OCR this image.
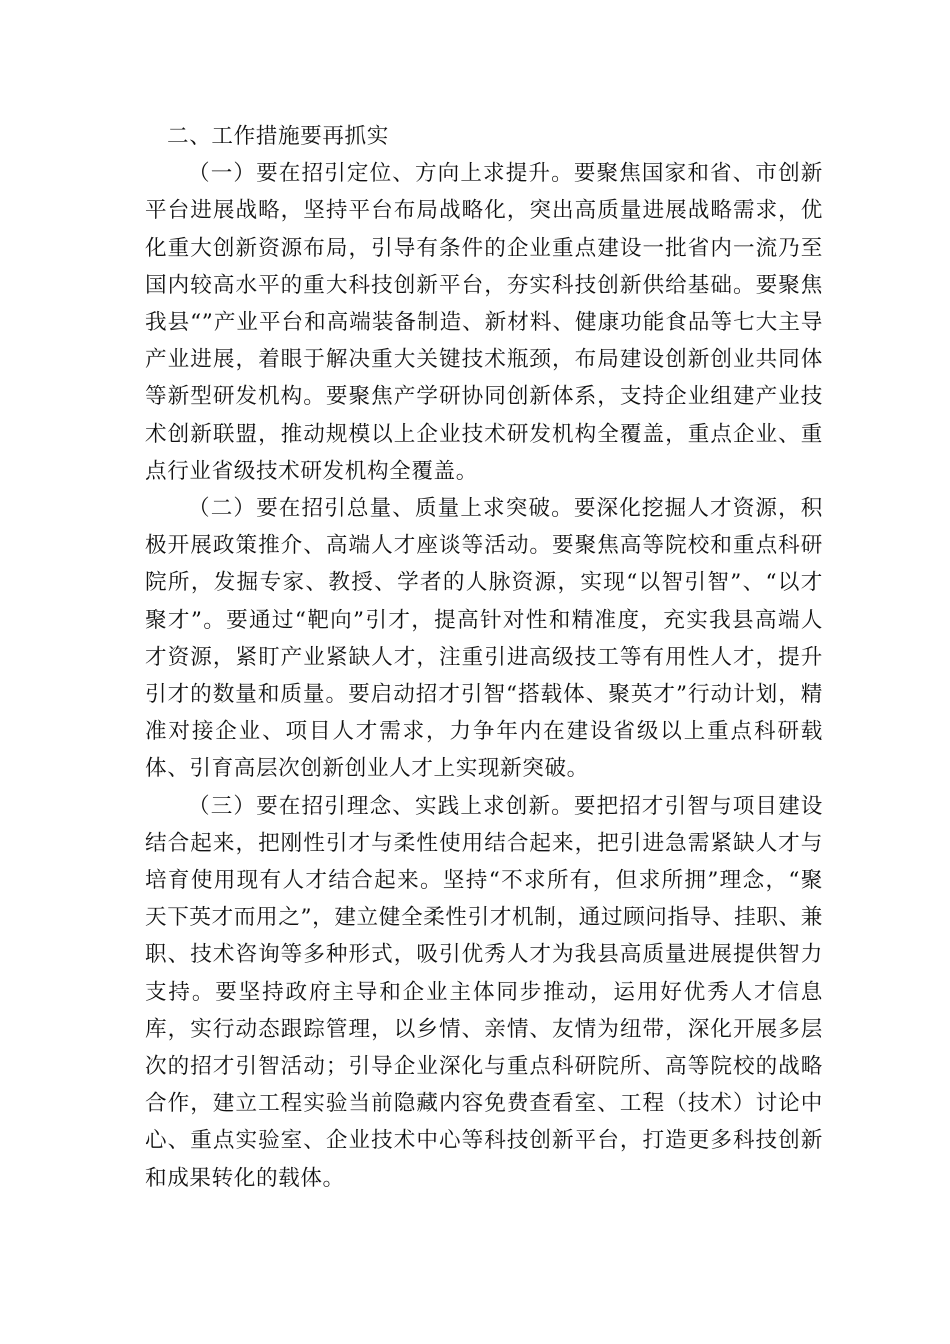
二、工作措施要再抓实

（一）要在招引定位、方向上求提升。要聚焦国家和省、市创新平台进展战略，坚持平台布局战略化，突出高质量进展战略需求，优化重大创新资源布局，引导有条件的企业重点建设一批省内一流乃至国内较高水平的重大科技创新平台，夯实科技创新供给基础。要聚焦我县“”产业平台和高端装备制造、新材料、健康功能食品等七大主导产业进展，着眼于解决重大关键技术瓶颈，布局建设创新创业共同体等新型研发机构。要聚焦产学研协同创新体系，支持企业组建产业技术创新联盟，推动规模以上企业技术研发机构全覆盖，重点企业、重点行业省级技术研发机构全覆盖。

（二）要在招引总量、质量上求突破。要深化挖掘人才资源，积极开展政策推介、高端人才座谈等活动。要聚焦高等院校和重点科研院所，发掘专家、教授、学者的人脉资源，实现“以智引智”、“以才聚才”。要通过“靶向”引才，提高针对性和精准度，充实我县高端人才资源，紧盯产业紧缺人才，注重引进高级技工等有用性人才，提升引才的数量和质量。要启动招才引智“搭载体、聚英才”行动计划，精准对接企业、项目人才需求，力争年内在建设省级以上重点科研载体、引育高层次创新创业人才上实现新突破。

（三）要在招引理念、实践上求创新。要把招才引智与项目建设结合起来，把刚性引才与柔性使用结合起来，把引进急需紧缺人才与培育使用现有人才结合起来。坚持“不求所有，但求所拥”理念，“聚天下英才而用之”，建立健全柔性引才机制，通过顾问指导、挂职、兼职、技术咨询等多种形式，吸引优秀人才为我县高质量进展提供智力支持。要坚持政府主导和企业主体同步推动，运用好优秀人才信息库，实行动态跟踪管理，以乡情、亲情、友情为纽带，深化开展多层次的招才引智活动；引导企业深化与重点科研院所、高等院校的战略合作，建立工程实验当前隐藏内容免费查看室、工程（技术）讨论中心、重点实验室、企业技术中心等科技创新平台，打造更多科技创新和成果转化的载体。
